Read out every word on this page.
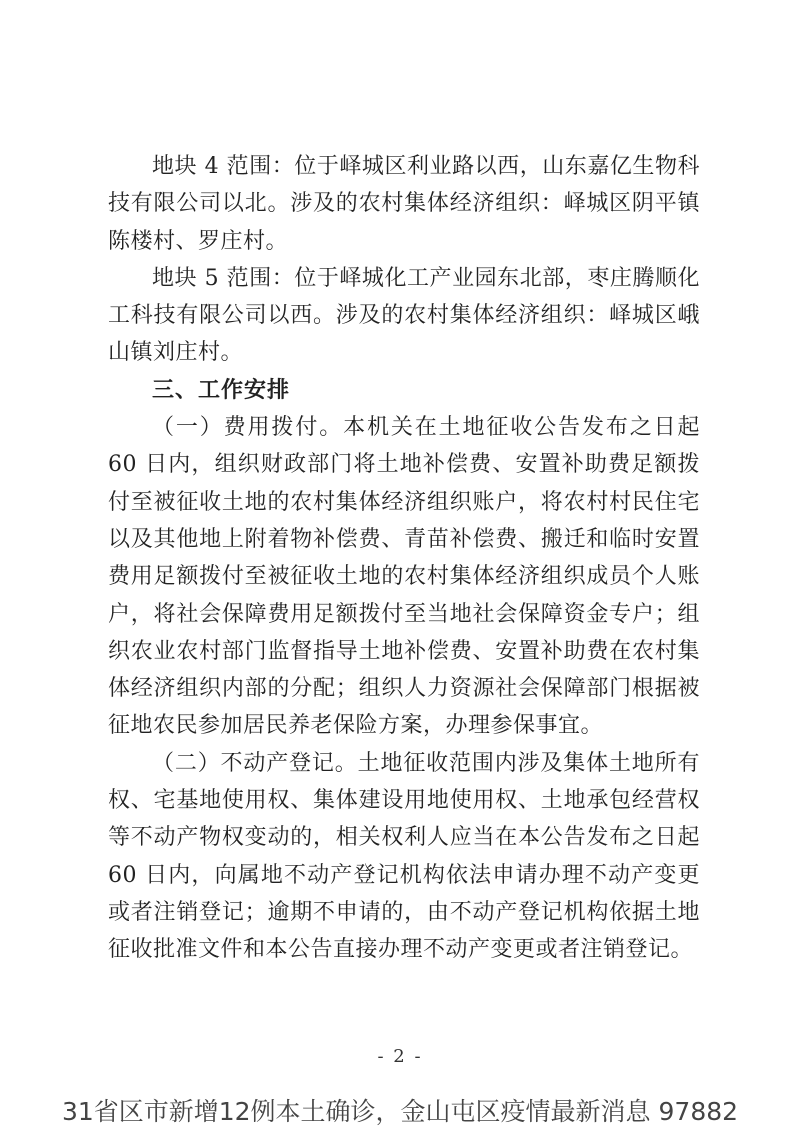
地块 4 范围：位于峄城区利业路以西，山东嘉亿生物科技有限公司以北。涉及的农村集体经济组织：峄城区阴平镇陈楼村、罗庄村。

地块 5 范围：位于峄城化工产业园东北部，枣庄腾顺化工科技有限公司以西。涉及的农村集体经济组织：峄城区峨山镇刘庄村。

三、工作安排

（一）费用拨付。本机关在土地征收公告发布之日起 60 日内，组织财政部门将土地补偿费、安置补助费足额拨付至被征收土地的农村集体经济组织账户，将农村村民住宅以及其他地上附着物补偿费、青苗补偿费、搬迁和临时安置费用足额拨付至被征收土地的农村集体经济组织成员个人账户，将社会保障费用足额拨付至当地社会保障资金专户；组织农业农村部门监督指导土地补偿费、安置补助费在农村集体经济组织内部的分配；组织人力资源社会保障部门根据被征地农民参加居民养老保险方案，办理参保事宜。

（二）不动产登记。土地征收范围内涉及集体土地所有权、宅基地使用权、集体建设用地使用权、土地承包经营权等不动产物权变动的，相关权利人应当在本公告发布之日起 60 日内，向属地不动产登记机构依法申请办理不动产变更或者注销登记；逾期不申请的，由不动产登记机构依据土地征收批准文件和本公告直接办理不动产变更或者注销登记。

- 2 -
31省区市新增12例本土确诊，金山屯区疫情最新消息 97882
